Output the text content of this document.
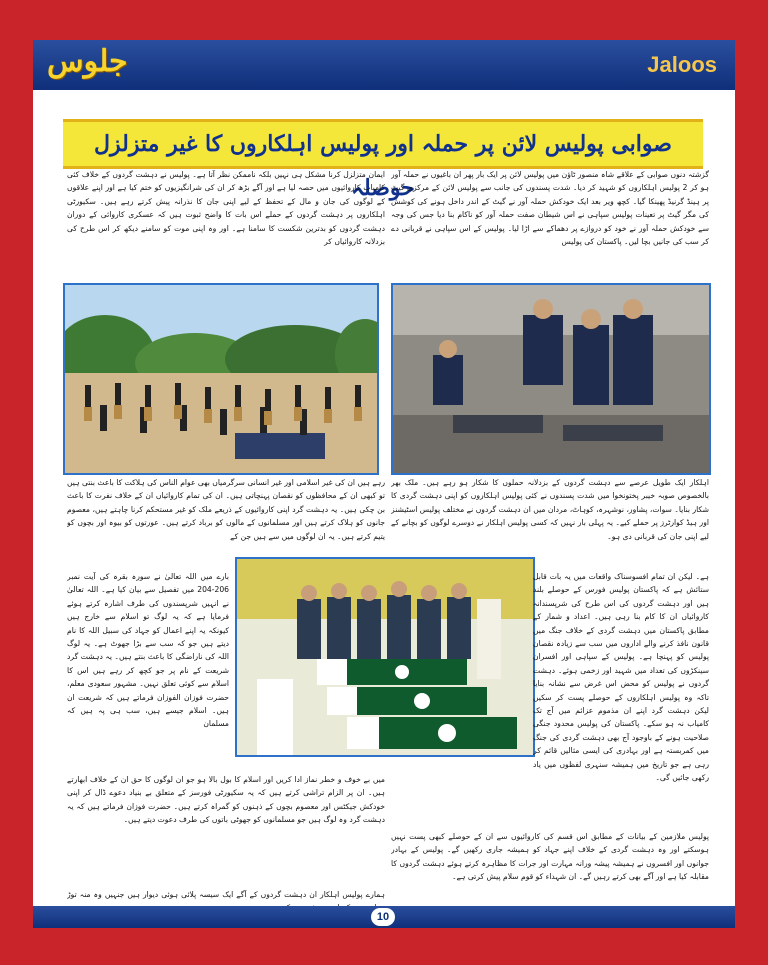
جلوس	Jaloos
صوابی پولیس لائن پر حملہ اور پولیس اہلکاروں کا غیر متزلزل حوصلہ
گزشتہ دنوں صوابی کے علاقے شاہ منصور ٹاؤن میں پولیس لائن پر ایک بار پھر ان باغیوں نے حملہ آور ہو کر 2 پولیس اہلکاروں کو شہید کر دیا۔ شدت پسندوں کی جانب سے پولیس لائن کے مرکزی گیٹ پر ہینڈ گرنیڈ پھینکا گیا۔ کچھ ویر بعد ایک خودکش حملہ آور نے گیٹ کے اندر داخل ہونے کی کوشش کی مگر گیٹ پر تعینات پولیس سپاہی نے اس شیطان صفت حملہ آور کو ناکام بنا دیا جس کی وجہ سے خودکش حملہ آور نے خود کو دروازے پر دھماکے سے اڑا لیا۔ پولیس کے اس سپاہی نے قربانی دے کر سب کی جانیں بچا لیں۔ پاکستان کی پولیس
ایمان متزلزل کرنا مشکل ہی نہیں بلکہ ناممکن نظر آتا ہے۔ پولیس نے دہشت گردوں کے خلاف کئی کامیاب کاروائیوں میں حصہ لیا ہے اور آگے بڑھ کر ان کی شرانگیزیوں کو ختم کیا ہے اور اپنے علاقوں کے لوگوں کی جان و مال کے تحفظ کے لیے اپنی جان کا نذرانہ پیش کرتے رہے ہیں۔ سکیورٹی اہلکاروں پر دہشت گردوں کے حملے اس بات کا واضح ثبوت ہیں کہ عسکری کاروائی کے دوران دہشت گردوں کو بدترین شکست کا سامنا ہے۔ اور وہ اپنی موت کو سامنے دیکھ کر اس طرح کی بزدلانہ کاروائیاں کر
اہلکار ایک طویل عرصے سے دہشت گردوں کے بزدلانہ حملوں کا شکار ہو رہے ہیں۔ ملک بھر بالخصوص صوبہ خیبر پختونخوا میں شدت پسندوں نے کئی پولیس اہلکاروں کو اپنی دہشت گردی کا شکار بنایا۔ سوات، پشاور، نوشہرہ، کوہاٹ، مردان میں ان دہشت گردوں نے مختلف پولیس اسٹیشنز اور ہیڈ کوارٹرز پر حملے کیے۔ یہ پہلی بار نہیں کہ کسی پولیس اہلکار نے دوسرے لوگوں کو بچانے کے لیے اپنی جان کی قربانی دی ہو۔
رہے ہیں ان کی غیر اسلامی اور غیر انسانی سرگرمیاں بھی عوام الناس کی ہلاکت کا باعث بنتی ہیں تو کبھی ان کے محافظوں کو نقصان پہنچاتی ہیں۔ ان کی تمام کاروائیاں ان کے خلاف نفرت کا باعث بن چکی ہیں۔ یہ دہشت گرد اپنی کاروائیوں کے ذریعے ملک کو غیر مستحکم کرنا چاہتے ہیں، معصوم جانوں کو ہلاک کرتے ہیں اور مسلمانوں کے مالوں کو برباد کرتے ہیں۔ عورتوں کو بیوہ اور بچوں کو یتیم کرتے ہیں۔ یہ ان لوگوں میں سے ہیں جن کے
ہے۔ لیکن ان تمام افسوسناک واقعات میں یہ بات قابل ستائش ہے کہ پاکستان پولیس فورس کے حوصلے بلند ہیں اور دہشت گردوں کی اس طرح کی شرپسندانہ کاروائیاں ان کا کام بنا رہی ہیں۔ اعداد و شمار کے مطابق پاکستان میں دہشت گردی کے خلاف جنگ میں قانون نافذ کرنے والے اداروں میں سب سے زیادہ نقصان پولیس کو پہنچا ہے۔ پولیس کے سپاہی اور افسران سینکڑوں کی تعداد میں شہید اور زخمی ہوئے۔ دہشت گردوں نے پولیس کو محض اس غرض سے نشانہ بنایا تاکہ وہ پولیس اہلکاروں کے حوصلے پست کر سکیں لیکن دہشت گرد اپنے ان مذموم عزائم میں آج تک کامیاب نہ ہو سکے۔ پاکستان کی پولیس محدود جنگی صلاحیت ہونے کے باوجود آج بھی دہشت گردی کی جنگ میں کمربستہ ہے اور بہادری کی ایسی مثالیں قائم کر رہی ہے جو تاریخ میں ہمیشہ سنہری لفظوں میں یاد رکھی جائیں گی۔
بارے میں اللہ تعالیٰ نے سورہ بقرہ کی آیت نمبر 206-204 میں تفصیل سے بیان کیا ہے۔ اللہ تعالیٰ نے انہیں شرپسندوں کی طرف اشارہ کرتے ہوئے فرمایا ہے کہ یہ لوگ تو اسلام سے خارج ہیں کیونکہ یہ اپنے اعمال کو جہاد کی سبیل اللہ کا نام دیتے ہیں جو کہ سب سے بڑا جھوٹ ہے۔ یہ لوگ اللہ کی ناراضگی کا باعث بنتے ہیں۔ یہ دہشت گرد شریعت کے نام پر جو کچھ کر رہے ہیں اس کا اسلام سے کوئی تعلق نہیں۔ مشہور سعودی معلم، حضرت فوزان الفوزان فرماتے ہیں کہ شریعت ان ہیں۔ اسلام جیسے ہیں، سب ہی پہ ہیں کہ مسلمان
میں بے خوف و خطر نماز ادا کریں اور اسلام کا بول بالا ہو جو ان لوگوں کا حق ان کے خلاف ابھارتے ہیں۔ ان پر الزام تراشی کرتے ہیں کہ یہ سکیورٹی فورسز کے متعلق بے بنیاد دعوے ڈال کر اپنی خودکش جیکٹس اور معصوم بچوں کے ذہنوں کو گمراہ کرتے ہیں۔ حضرت فوزان فرماتے ہیں کہ یہ دہشت گرد وہ لوگ ہیں جو مسلمانوں کو جھوٹی باتوں کی طرف دعوت دیتے ہیں۔
پولیس ملازمین کے بیانات کے مطابق اس قسم کی کاروائیوں سے ان کے حوصلے کبھی پست نہیں ہوسکتے اور وہ دہشت گردی کے خلاف اپنے جہاد کو ہمیشہ جاری رکھیں گے۔ پولیس کے بہادر جوانوں اور افسروں نے ہمیشہ پیشہ ورانہ مہارت اور جرات کا مظاہرہ کرتے ہوئے دہشت گردوں کا مقابلہ کیا ہے اور آگے بھی کرتے رہیں گے۔ ان شہداء کو قوم سلام پیش کرتی ہے۔
ہمارے پولیس اہلکار ان دہشت گردوں کے آگے ایک سیسہ پلائی ہوئی دیوار ہیں جنہیں وہ منہ توڑ
10
